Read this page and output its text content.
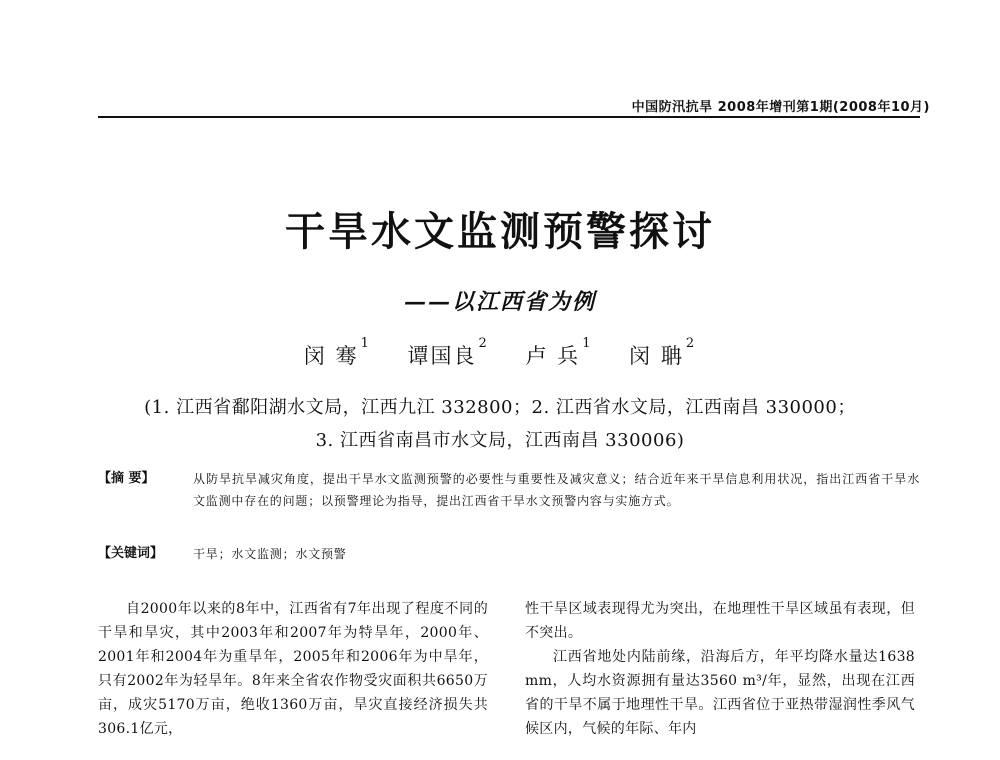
中国防汛抗旱 2008年增刊第1期(2008年10月)
干旱水文监测预警探讨
——以江西省为例
闵 骞$^1$ 谭国良$^2$ 卢 兵$^1$ 闵 聃$^2$
(1. 江西省鄱阳湖水文局，江西九江 332800；2. 江西省水文局，江西南昌 330000；
3. 江西省南昌市水文局，江西南昌 330006)
【摘 要】	从防旱抗旱减灾角度，提出干旱水文监测预警的必要性与重要性及减灾意义；结合近年来干旱信息利用状况，指出江西省干旱水文监测中存在的问题；以预警理论为指导，提出江西省干旱水文预警内容与实施方式。
【关键词】	干旱；水文监测；水文预警

自2000年以来的8年中，江西省有7年出现了程度不同的干旱和旱灾，其中2003年和2007年为特旱年，2000年、2001年和2004年为重旱年，2005年和2006年为中旱年，只有2002年为轻旱年。8年来全省农作物受灾面积共6650万亩，成灾5170万亩，绝收1360万亩，旱灾直接经济损失共306.1亿元，

性干旱区域表现得尤为突出，在地理性干旱区域虽有表现，但不突出。

江西省地处内陆前缘，沿海后方，年平均降水量达1638 mm，人均水资源拥有量达3560 m³/年，显然，出现在江西省的干旱不属于地理性干旱。江西省位于亚热带湿润性季风气候区内，气候的年际、年内
